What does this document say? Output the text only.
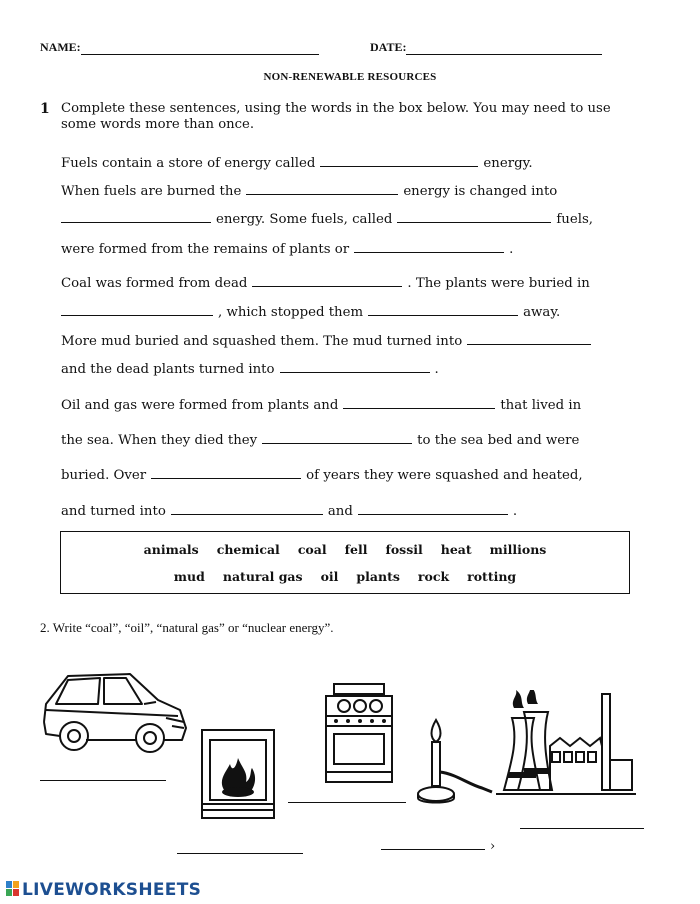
NAME:	DATE:
NON-RENEWABLE RESOURCES
1 Complete these sentences, using the words in the box below. You may need to use some words more than once.
Fuels contain a store of energy called	energy.
When fuels are burned the	energy is changed into
energy. Some fuels, called	fuels,
were formed from the remains of plants or	.
Coal was formed from dead	. The plants were buried in
, which stopped them	away.
More mud buried and squashed them. The mud turned into
and the dead plants turned into	.
Oil and gas were formed from plants and	that lived in
the sea. When they died they	to the sea bed and were
buried. Over	of years they were squashed and heated,
and turned into	and	.
animals chemical coal fell fossil heat millions
mud natural gas oil plants rock rotting
2. Write “coal”, “oil”, “natural gas” or “nuclear energy”.
›
LIVEWORKSHEETS
